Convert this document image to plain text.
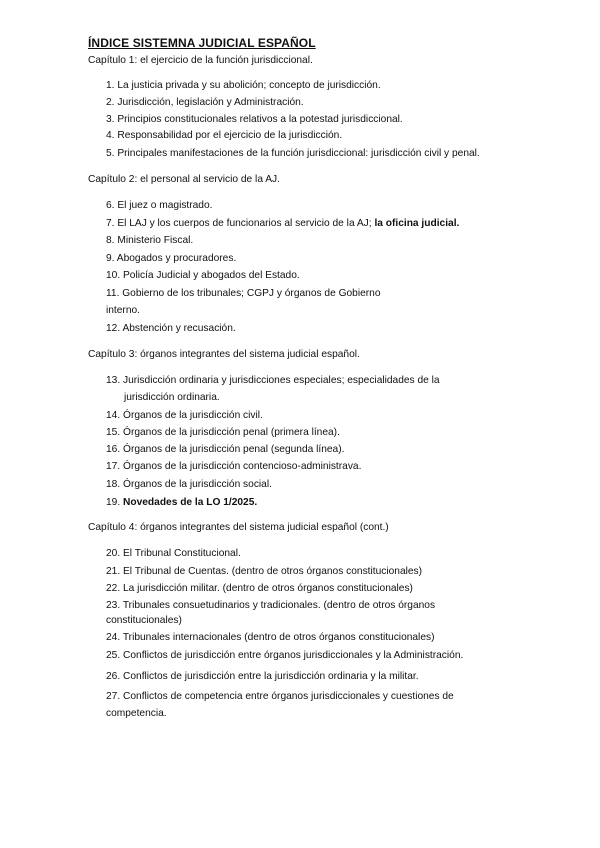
ÍNDICE SISTEMNA JUDICIAL ESPAÑOL
Capítulo 1: el ejercicio de la función jurisdiccional.
1. La justicia privada y su abolición; concepto de jurisdicción.
2. Jurisdicción, legislación y Administración.
3. Principios constitucionales relativos a la potestad jurisdiccional.
4. Responsabilidad por el ejercicio de la jurisdicción.
5. Principales manifestaciones de la función jurisdiccional: jurisdicción civil y penal.
Capítulo 2: el personal al servicio de la AJ.
6. El juez o magistrado.
7. El LAJ y los cuerpos de funcionarios al servicio de la AJ; la oficina judicial.
8. Ministerio Fiscal.
9. Abogados y procuradores.
10. Policía Judicial y abogados del Estado.
11. Gobierno de los tribunales; CGPJ y órganos de Gobierno
interno.
12. Abstención y recusación.
Capítulo 3: órganos integrantes del sistema judicial español.
13. Jurisdicción ordinaria y jurisdicciones especiales; especialidades de la
jurisdicción ordinaria.
14. Órganos de la jurisdicción civil.
15. Órganos de la jurisdicción penal (primera línea).
16. Órganos de la jurisdicción penal (segunda línea).
17. Órganos de la jurisdicción contencioso-administrava.
18. Órganos de la jurisdicción social.
19. Novedades de la LO 1/2025.
Capítulo 4: órganos integrantes del sistema judicial español (cont.)
20. El Tribunal Constitucional.
21. El Tribunal de Cuentas. (dentro de otros órganos constitucionales)
22. La jurisdicción militar. (dentro de otros órganos constitucionales)
23. Tribunales consuetudinarios y tradicionales. (dentro de otros órganos
constitucionales)
24. Tribunales internacionales (dentro de otros órganos constitucionales)
25. Conflictos de jurisdicción entre órganos jurisdiccionales y la Administración.
26. Conflictos de jurisdicción entre la jurisdicción ordinaria y la militar.
27. Conflictos de competencia entre órganos jurisdiccionales y cuestiones de
competencia.
